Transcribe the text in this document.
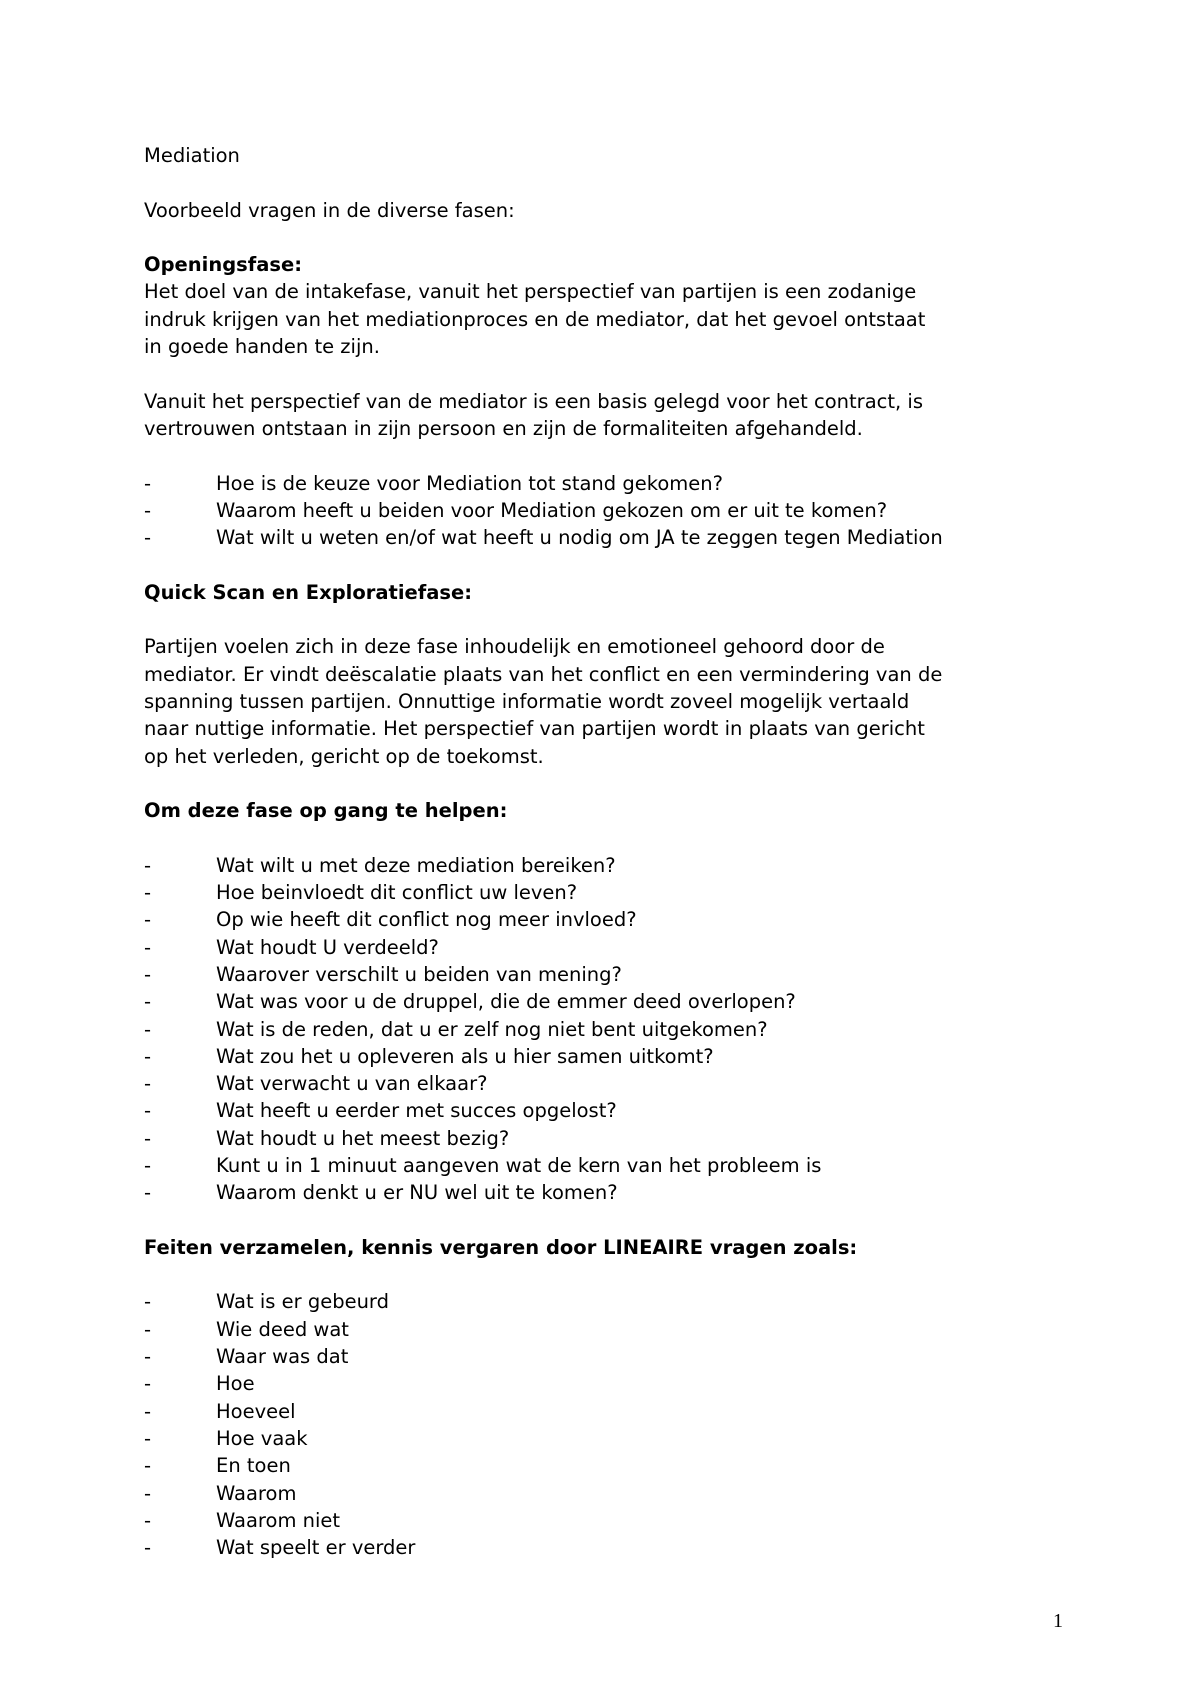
Mediation
Voorbeeld vragen in de diverse fasen:
Openingsfase:
Het doel van de intakefase, vanuit het perspectief van partijen is een zodanige
indruk krijgen van het mediationproces en de mediator, dat het gevoel ontstaat
in goede handen te zijn.
Vanuit het perspectief van de mediator is een basis gelegd voor het contract, is
vertrouwen ontstaan in zijn persoon en zijn de formaliteiten afgehandeld.
-	Hoe is de keuze voor Mediation tot stand gekomen?
-	Waarom heeft u beiden voor Mediation gekozen om er uit te komen?
-	Wat wilt u weten en/of wat heeft u nodig om JA te zeggen tegen Mediation
Quick Scan en Exploratiefase:
Partijen voelen zich in deze fase inhoudelijk en emotioneel gehoord door de
mediator. Er vindt deëscalatie plaats van het conflict en een vermindering van de
spanning tussen partijen. Onnuttige informatie wordt zoveel mogelijk vertaald
naar nuttige informatie. Het perspectief van partijen wordt in plaats van gericht
op het verleden, gericht op de toekomst.
Om deze fase op gang te helpen:
-	Wat wilt u met deze mediation bereiken?
-	Hoe beinvloedt dit conflict uw leven?
-	Op wie heeft dit conflict nog meer invloed?
-	Wat houdt U verdeeld?
-	Waarover verschilt u beiden van mening?
-	Wat was voor u de druppel, die de emmer deed overlopen?
-	Wat is de reden, dat u er zelf nog niet bent uitgekomen?
-	Wat zou het u opleveren als u hier samen uitkomt?
-	Wat verwacht u van elkaar?
-	Wat heeft u eerder met succes opgelost?
-	Wat houdt u het meest bezig?
-	Kunt u in 1 minuut aangeven wat de kern van het probleem is
-	Waarom denkt u er NU wel uit te komen?
Feiten verzamelen, kennis vergaren door LINEAIRE vragen zoals:
-	Wat is er gebeurd
-	Wie deed wat
-	Waar was dat
-	Hoe
-	Hoeveel
-	Hoe vaak
-	En toen
-	Waarom
-	Waarom niet
-	Wat speelt er verder
1
